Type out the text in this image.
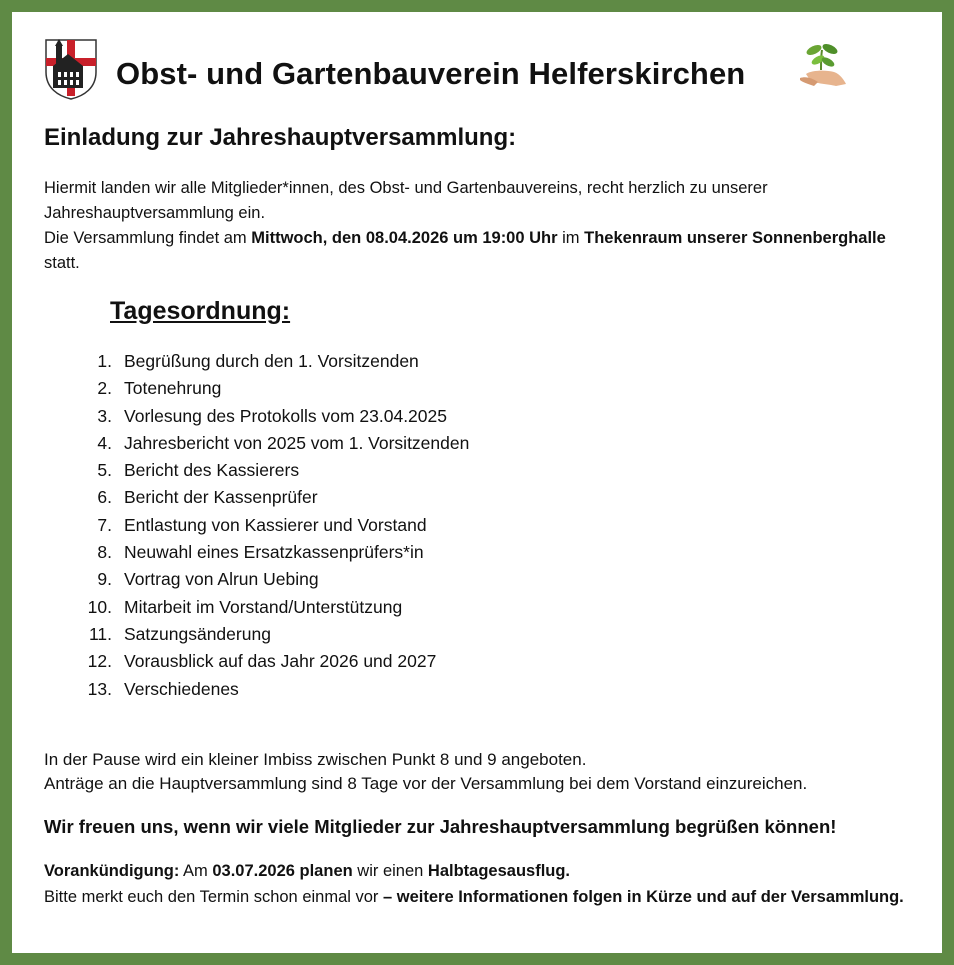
Obst- und Gartenbauverein Helferskirchen
Einladung zur Jahreshauptversammlung:

Hiermit landen wir alle Mitglieder*innen, des Obst- und Gartenbauvereins, recht herzlich zu unserer Jahreshauptversammlung ein.

Die Versammlung findet am Mittwoch, den 08.04.2026 um 19:00 Uhr im Thekenraum unserer Sonnenberghalle statt.

Tagesordnung:
1 . Begrüßung durch den 1. Vorsitzenden
2 . Totenehrung
3 . Vorlesung des Protokolls vom 23.04.2025
4 . Jahresbericht von 2025 vom 1. Vorsitzenden
5 . Bericht des Kassierers
6 . Bericht der Kassenprüfer
7 . Entlastung von Kassierer und Vorstand
8 . Neuwahl eines Ersatzkassenprüfers*in
9 . Vortrag von Alrun Uebing
10 . Mitarbeit im Vorstand/Unterstützung
11 . Satzungsänderung
12 . Vorausblick auf das Jahr 2026 und 2027
13 . Verschiedenes

In der Pause wird ein kleiner Imbiss zwischen Punkt 8 und 9 angeboten.

Anträge an die Hauptversammlung sind 8 Tage vor der Versammlung bei dem Vorstand einzureichen.

Wir freuen uns, wenn wir viele Mitglieder zur Jahreshauptversammlung begrüßen können!

Vorankündigung: Am 03.07.2026 planen wir einen Halbtagesausflug.

Bitte merkt euch den Termin schon einmal vor – weitere Informationen folgen in Kürze und auf der Versammlung.
